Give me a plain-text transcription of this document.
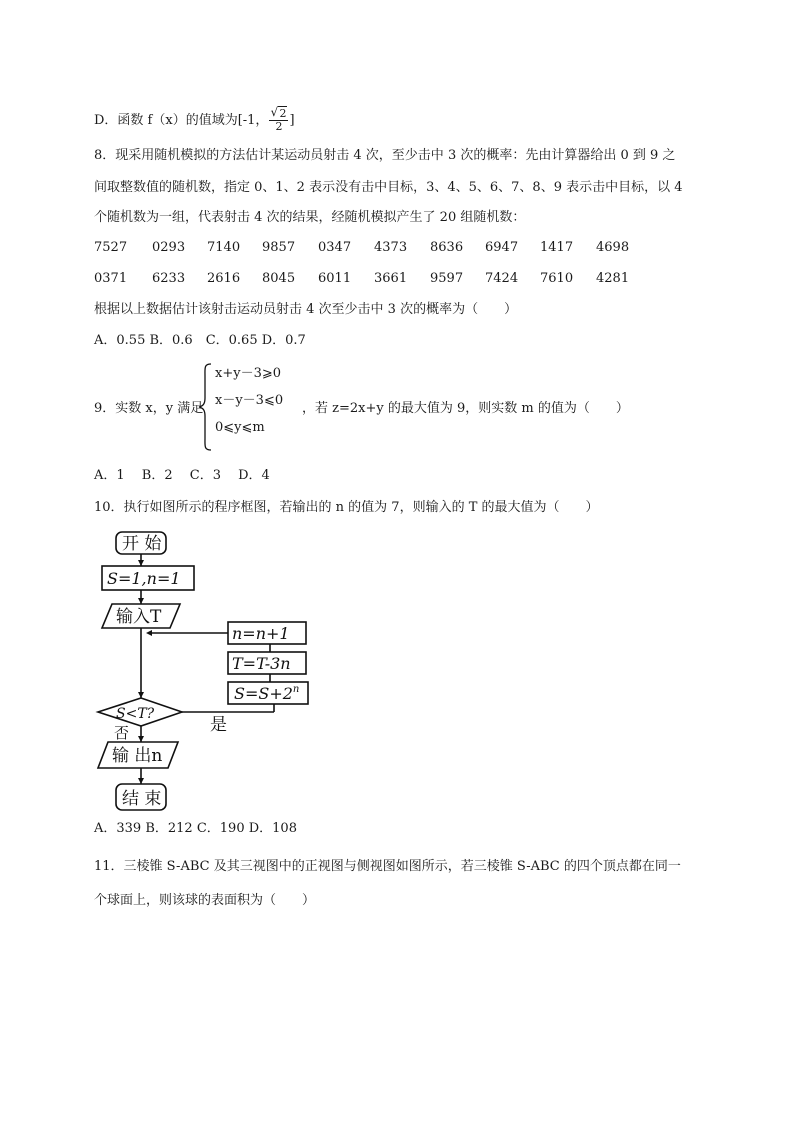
D．函数 f（x）的值域为[-1， $\frac{√ 2}{2}$ ]
8．现采用随机模拟的方法估计某运动员射击 4 次，至少击中 3 次的概率：先由计算器给出 0 到 9 之
间取整数值的随机数，指定 0、1、2 表示没有击中目标，3、4、5、6、7、8、9 表示击中目标，以 4
个随机数为一组，代表射击 4 次的结果，经随机模拟产生了 20 组随机数：
7527 0293 7140 9857 0347 4373 8636 6947 1417 4698
0371 6233 2616 8045 6011 3661 9597 7424 7610 4281
根据以上数据估计该射击运动员射击 4 次至少击中 3 次的概率为（　　）
A．0.55 B．0.6　C．0.65 D．0.7
9．实数 x，y 满足
x+y－3⩾0
x－y－3⩽0
0⩽y⩽m
，若 z=2x+y 的最大值为 9，则实数 m 的值为（　　）
A．1　 B．2　 C．3　 D．4
10．执行如图所示的程序框图，若输出的 n 的值为 7，则输入的 T 的最大值为（　　）
开 始
S=1,n=1
输入T
S<T?
是
否
输 出n
结 束
$S=S+2^n$
T=T-3n
n=n+1
A．339 B．212 C．190 D．108
11．三棱锥 S-ABC 及其三视图中的正视图与侧视图如图所示，若三棱锥 S-ABC 的四个顶点都在同一
个球面上，则该球的表面积为（　　）
